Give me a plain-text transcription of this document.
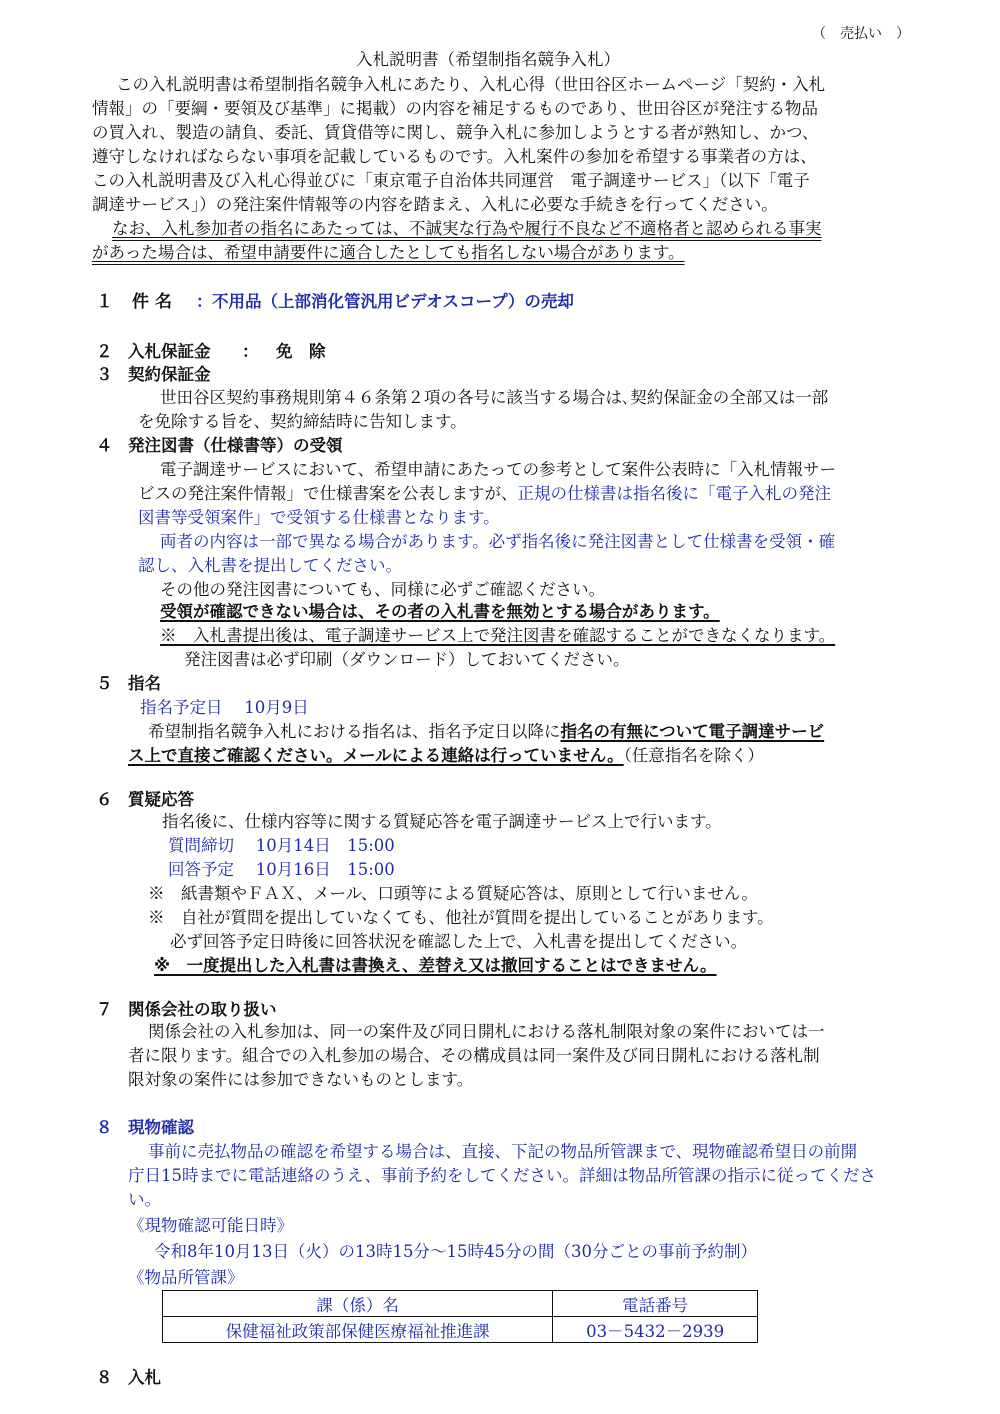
（　売払い　）
入札説明書（希望制指名競争入札）
この入札説明書は希望制指名競争入札にあたり、入札心得（世田谷区ホームページ「契約・入札
情報」の「要綱・要領及び基準」に掲載）の内容を補足するものであり、世田谷区が発注する物品
の買入れ、製造の請負、委託、賃貸借等に関し、競争入札に参加しようとする者が熟知し、かつ、
遵守しなければならない事項を記載しているものです。入札案件の参加を希望する事業者の方は、
この入札説明書及び入札心得並びに「東京電子自治体共同運営　電子調達サービス」（以下「電子
調達サービス」）の発注案件情報等の内容を踏まえ、入札に必要な手続きを行ってください。
なお、入札参加者の指名にあたっては、不誠実な行為や履行不良など不適格者と認められる事実
があった場合は、希望申請要件に適合したとしても指名しない場合があります。
１ 件名 ： 不用品（上部消化管汎用ビデオスコープ）の売却
２ 入札保証金 ： 免　除
３ 契約保証金
世田谷区契約事務規則第４６条第２項の各号に該当する場合は､契約保証金の全部又は一部
を免除する旨を、契約締結時に告知します。
４ 発注図書（仕様書等）の受領
電子調達サービスにおいて、希望申請にあたっての参考として案件公表時に「入札情報サー
ビスの発注案件情報」で仕様書案を公表しますが、正規の仕様書は指名後に「電子入札の発注
図書等受領案件」で受領する仕様書となります。
両者の内容は一部で異なる場合があります。必ず指名後に発注図書として仕様書を受領・確
認し、入札書を提出してください。
その他の発注図書についても、同様に必ずご確認ください。
受領が確認できない場合は、その者の入札書を無効とする場合があります。
※　入札書提出後は、電子調達サービス上で発注図書を確認することができなくなります。
発注図書は必ず印刷（ダウンロード）しておいてください。
５ 指名
指名予定日　 10月9日
希望制指名競争入札における指名は、指名予定日以降に指名の有無について電子調達サービ
ス上で直接ご確認ください。メールによる連絡は行っていません。（任意指名を除く）
６ 質疑応答
指名後に、仕様内容等に関する質疑応答を電子調達サービス上で行います。
質問締切　 10月14日　15:00
回答予定　 10月16日　15:00
※　紙書類やＦＡＸ、メール、口頭等による質疑応答は、原則として行いません。
※　自社が質問を提出していなくても、他社が質問を提出していることがあります。
必ず回答予定日時後に回答状況を確認した上で、入札書を提出してください。
※　一度提出した入札書は書換え、差替え又は撤回することはできません。
７ 関係会社の取り扱い
関係会社の入札参加は、同一の案件及び同日開札における落札制限対象の案件においては一
者に限ります。組合での入札参加の場合、その構成員は同一案件及び同日開札における落札制
限対象の案件には参加できないものとします。
８ 現物確認
事前に売払物品の確認を希望する場合は、直接、下記の物品所管課まで、現物確認希望日の前開
庁日15時までに電話連絡のうえ、事前予約をしてください。詳細は物品所管課の指示に従ってくださ
い。
《現物確認可能日時》
令和8年10月13日（火）の13時15分～15時45分の間（30分ごとの事前予約制）
《物品所管課》
課（係）名	電話番号
保健福祉政策部保健医療福祉推進課	03－5432－2939
８ 入札
